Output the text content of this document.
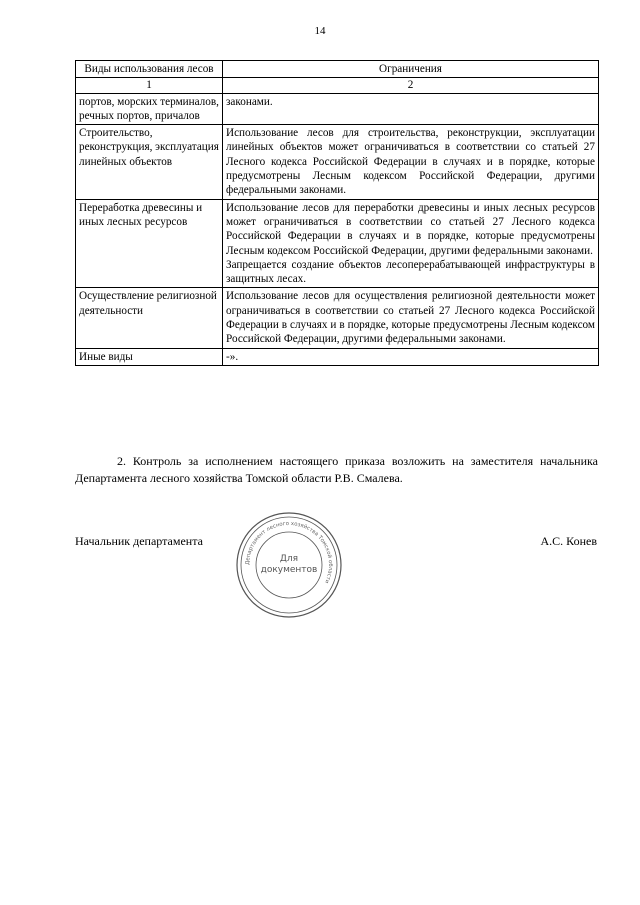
14
Виды использования лесов	Ограничения
1	2
портов, морских терминалов, речных портов, причалов	законами.
Строительство, реконструкция, эксплуатация линейных объектов	Использование лесов для строительства, реконструкции, эксплуатации линейных объектов может ограничиваться в соответствии со статьей 27 Лесного кодекса Российской Федерации в случаях и в порядке, которые предусмотрены Лесным кодексом Российской Федерации, другими федеральными законами.
Переработка древесины и иных лесных ресурсов	Использование лесов для переработки древесины и иных лесных ресурсов может ограничиваться в соответствии со статьей 27 Лесного кодекса Российской Федерации в случаях и в порядке, которые предусмотрены Лесным кодексом Российской Федерации, другими федеральными законами.
Запрещается создание объектов лесоперерабатывающей инфраструктуры в защитных лесах.

Осуществление религиозной деятельности	Использование лесов для осуществления религиозной деятельности может ограничиваться в соответствии со статьей 27 Лесного кодекса Российской Федерации в случаях и в порядке, которые предусмотрены Лесным кодексом Российской Федерации, другими федеральными законами.
Иные виды	-».
2. Контроль за исполнением настоящего приказа возложить на заместителя начальника Департамента лесного хозяйства Томской области Р.В. Смалева.
Начальник департамента	А.С. Конев
Департамент лесного хозяйства Томской области
Для
документов
